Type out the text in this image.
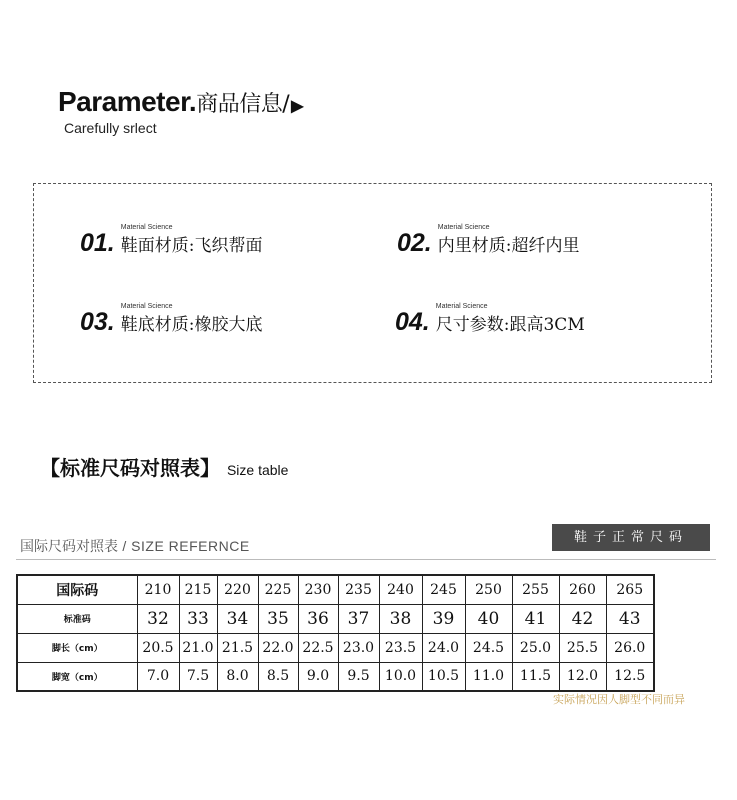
Parameter.商品信息/ ▶
Carefully srlect
01.
Material Science
鞋面材质:飞织帮面	02.
Material Science
内里材质:超纤内里
03.
Material Science
鞋底材质:橡胶大底	04.
Material Science
尺寸参数:跟高3CM
【标准尺码对照表】 Size table
国际尺码对照表 / SIZE REFERNCE
鞋子正常尺码
国际码	210	215	220	225	230	235	240	245	250	255	260	265
标准码	32	33	34	35	36	37	38	39	40	41	42	43
脚长（cm）	20.5	21.0	21.5	22.0	22.5	23.0	23.5	24.0	24.5	25.0	25.5	26.0
脚宽（cm）	7.0	7.5	8.0	8.5	9.0	9.5	10.0	10.5	11.0	11.5	12.0	12.5
实际情况因人脚型不同而异
